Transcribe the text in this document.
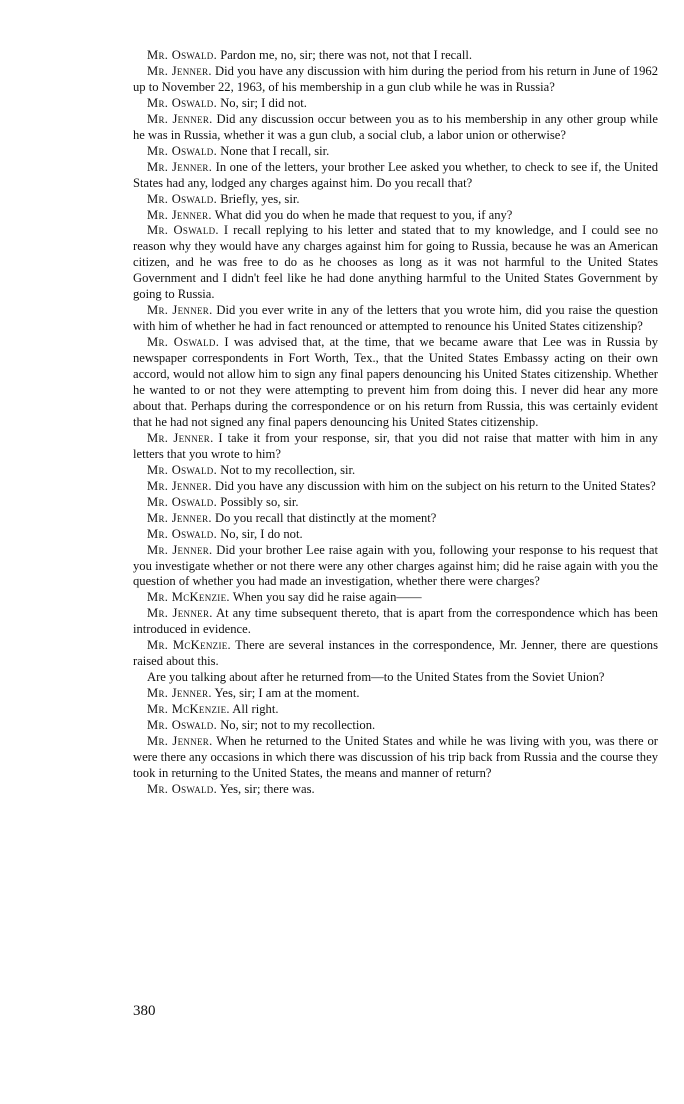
Mr. Oswald. Pardon me, no, sir; there was not, not that I recall.

Mr. Jenner. Did you have any discussion with him during the period from his return in June of 1962 up to November 22, 1963, of his membership in a gun club while he was in Russia?

Mr. Oswald. No, sir; I did not.

Mr. Jenner. Did any discussion occur between you as to his membership in any other group while he was in Russia, whether it was a gun club, a social club, a labor union or otherwise?

Mr. Oswald. None that I recall, sir.

Mr. Jenner. In one of the letters, your brother Lee asked you whether, to check to see if, the United States had any, lodged any charges against him. Do you recall that?

Mr. Oswald. Briefly, yes, sir.

Mr. Jenner. What did you do when he made that request to you, if any?

Mr. Oswald. I recall replying to his letter and stated that to my knowledge, and I could see no reason why they would have any charges against him for going to Russia, because he was an American citizen, and he was free to do as he chooses as long as it was not harmful to the United States Government and I didn't feel like he had done anything harmful to the United States Government by going to Russia.

Mr. Jenner. Did you ever write in any of the letters that you wrote him, did you raise the question with him of whether he had in fact renounced or attempted to renounce his United States citizenship?

Mr. Oswald. I was advised that, at the time, that we became aware that Lee was in Russia by newspaper correspondents in Fort Worth, Tex., that the United States Embassy acting on their own accord, would not allow him to sign any final papers denouncing his United States citizenship. Whether he wanted to or not they were attempting to prevent him from doing this. I never did hear any more about that. Perhaps during the correspondence or on his return from Russia, this was certainly evident that he had not signed any final papers denouncing his United States citizenship.

Mr. Jenner. I take it from your response, sir, that you did not raise that matter with him in any letters that you wrote to him?

Mr. Oswald. Not to my recollection, sir.

Mr. Jenner. Did you have any discussion with him on the subject on his return to the United States?

Mr. Oswald. Possibly so, sir.

Mr. Jenner. Do you recall that distinctly at the moment?

Mr. Oswald. No, sir, I do not.

Mr. Jenner. Did your brother Lee raise again with you, following your response to his request that you investigate whether or not there were any other charges against him; did he raise again with you the question of whether you had made an investigation, whether there were charges?

Mr. McKenzie. When you say did he raise again——

Mr. Jenner. At any time subsequent thereto, that is apart from the correspondence which has been introduced in evidence.

Mr. McKenzie. There are several instances in the correspondence, Mr. Jenner, there are questions raised about this.

Are you talking about after he returned from—to the United States from the Soviet Union?

Mr. Jenner. Yes, sir; I am at the moment.

Mr. McKenzie. All right.

Mr. Oswald. No, sir; not to my recollection.

Mr. Jenner. When he returned to the United States and while he was living with you, was there or were there any occasions in which there was discussion of his trip back from Russia and the course they took in returning to the United States, the means and manner of return?

Mr. Oswald. Yes, sir; there was.

380
